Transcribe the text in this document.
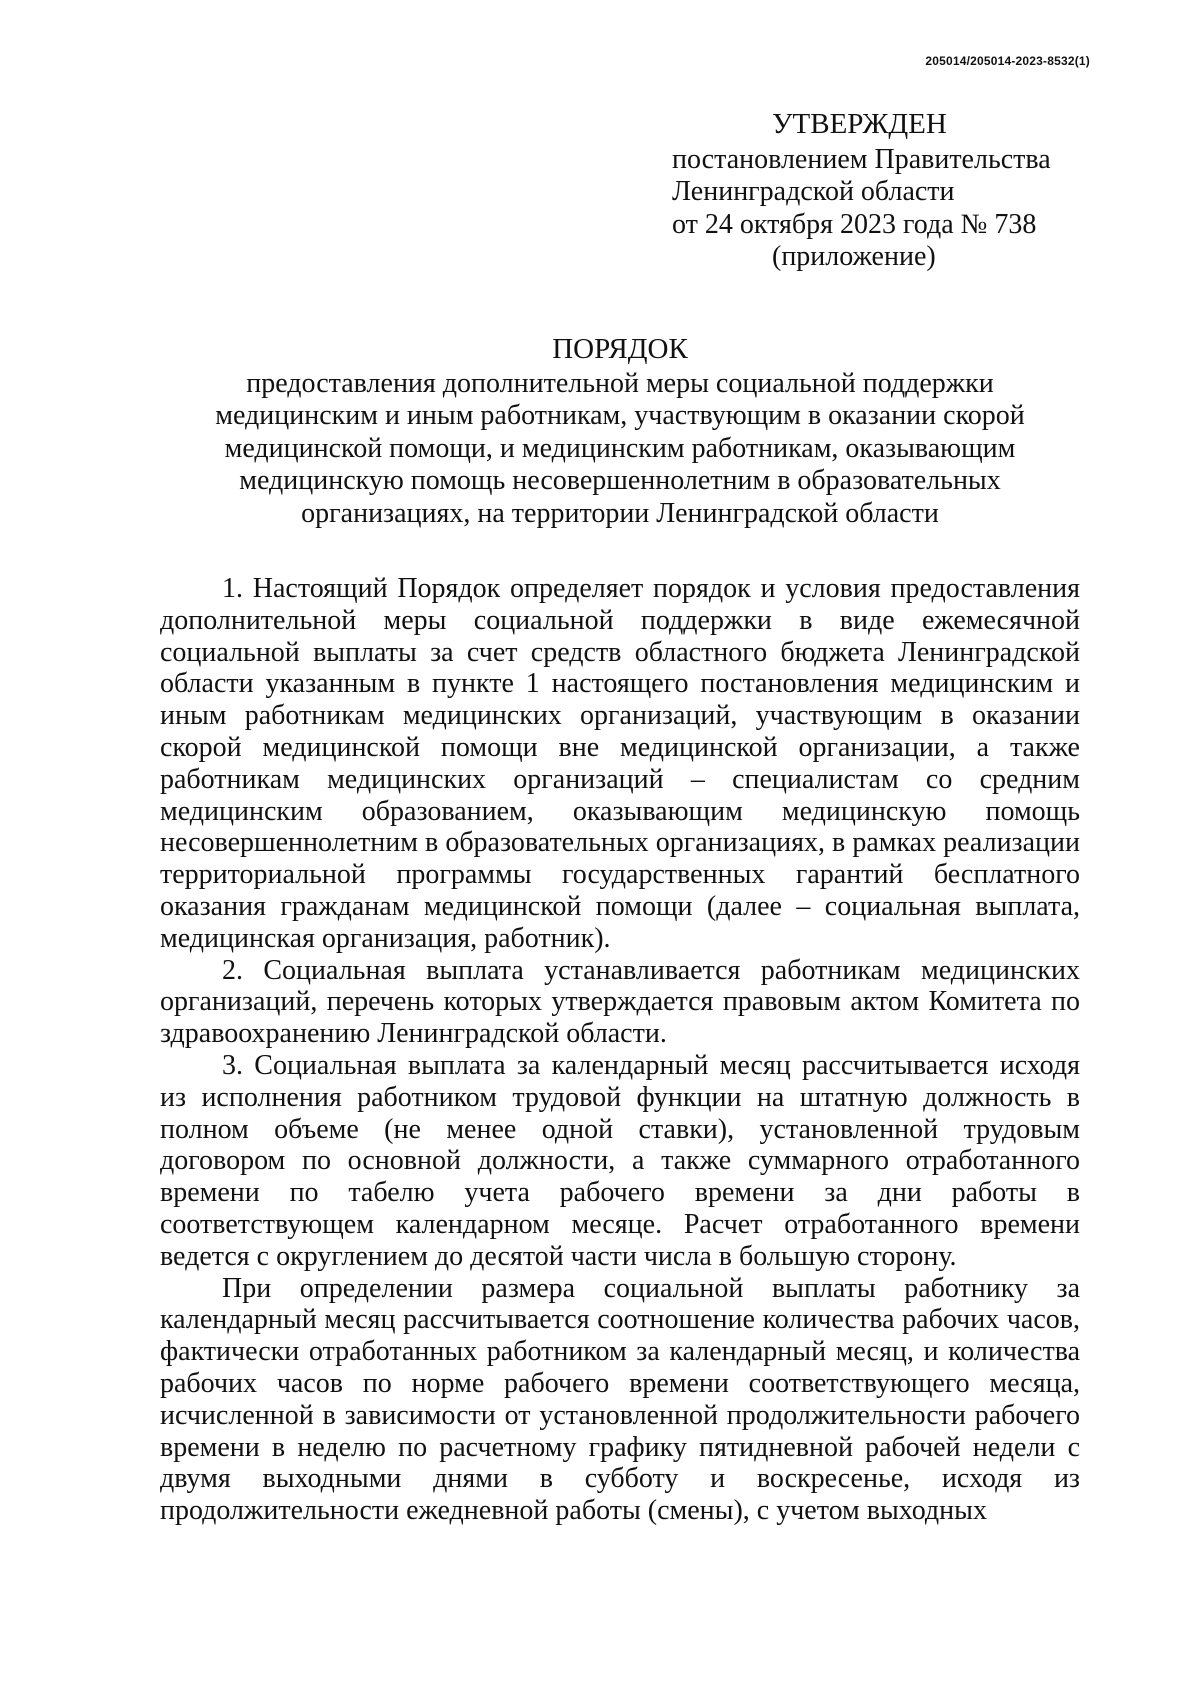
205014/205014-2023-8532(1)
УТВЕРЖДЕН
постановлением Правительства
Ленинградской области
от 24 октября 2023 года № 738
(приложение)
ПОРЯДОК
предоставления дополнительной меры социальной поддержки
медицинским и иным работникам, участвующим в оказании скорой
медицинской помощи, и медицинским работникам, оказывающим
медицинскую помощь несовершеннолетним в образовательных
организациях, на территории Ленинградской области

1. Настоящий Порядок определяет порядок и условия предоставления дополнительной меры социальной поддержки в виде ежемесячной социальной выплаты за счет средств областного бюджета Ленинградской области указанным в пункте 1 настоящего постановления медицинским и иным работникам медицинских организаций, участвующим в оказании скорой медицинской помощи вне медицинской организации, а также работникам медицинских организаций – специалистам со средним медицинским образованием, оказывающим медицинскую помощь несовершеннолетним в образовательных организациях, в рамках реализации территориальной программы государственных гарантий бесплатного оказания гражданам медицинской помощи (далее – социальная выплата, медицинская организация, работник).

2. Социальная выплата устанавливается работникам медицинских организаций, перечень которых утверждается правовым актом Комитета по здравоохранению Ленинградской области.

3. Социальная выплата за календарный месяц рассчитывается исходя из исполнения работником трудовой функции на штатную должность в полном объеме (не менее одной ставки), установленной трудовым договором по основной должности, а также суммарного отработанного времени по табелю учета рабочего времени за дни работы в соответствующем календарном месяце. Расчет отработанного времени ведется с округлением до десятой части числа в большую сторону.

При определении размера социальной выплаты работнику за календарный месяц рассчитывается соотношение количества рабочих часов, фактически отработанных работником за календарный месяц, и количества рабочих часов по норме рабочего времени соответствующего месяца, исчисленной в зависимости от установленной продолжительности рабочего времени в неделю по расчетному графику пятидневной рабочей недели с двумя выходными днями в субботу и воскресенье, исходя из продолжительности ежедневной работы (смены), с учетом выходных
